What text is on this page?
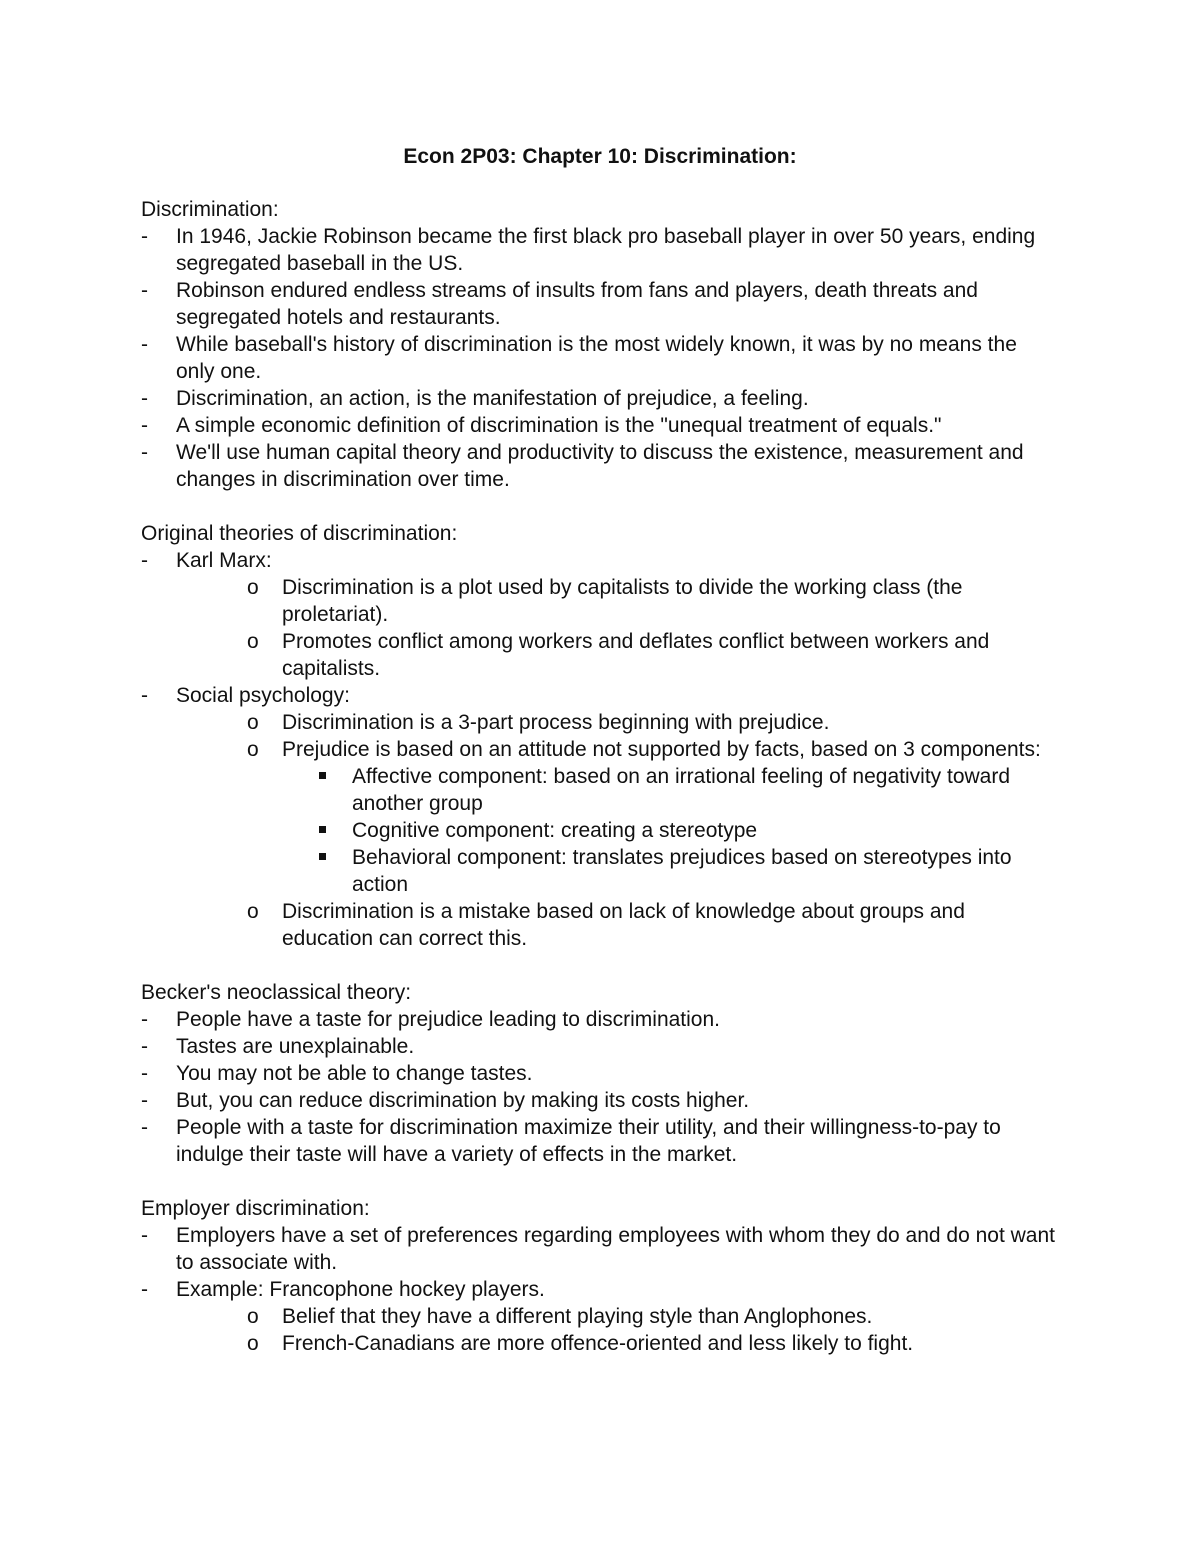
Econ 2P03: Chapter 10: Discrimination:
Discrimination:
- In 1946, Jackie Robinson became the first black pro baseball player in over 50 years, ending segregated baseball in the US.
- Robinson endured endless streams of insults from fans and players, death threats and segregated hotels and restaurants.
- While baseball's history of discrimination is the most widely known, it was by no means the only one.
- Discrimination, an action, is the manifestation of prejudice, a feeling.
- A simple economic definition of discrimination is the "unequal treatment of equals."
- We'll use human capital theory and productivity to discuss the existence, measurement and changes in discrimination over time.
Original theories of discrimination:
- Karl Marx:
o Discrimination is a plot used by capitalists to divide the working class (the proletariat).
o Promotes conflict among workers and deflates conflict between workers and capitalists.
- Social psychology:
o Discrimination is a 3-part process beginning with prejudice.
o Prejudice is based on an attitude not supported by facts, based on 3 components:
Affective component: based on an irrational feeling of negativity toward another group
Cognitive component: creating a stereotype
Behavioral component: translates prejudices based on stereotypes into action
o Discrimination is a mistake based on lack of knowledge about groups and education can correct this.
Becker's neoclassical theory:
- People have a taste for prejudice leading to discrimination.
- Tastes are unexplainable.
- You may not be able to change tastes.
- But, you can reduce discrimination by making its costs higher.
- People with a taste for discrimination maximize their utility, and their willingness-to-pay to indulge their taste will have a variety of effects in the market.
Employer discrimination:
- Employers have a set of preferences regarding employees with whom they do and do not want to associate with.
- Example: Francophone hockey players.
o Belief that they have a different playing style than Anglophones.
o French-Canadians are more offence-oriented and less likely to fight.
